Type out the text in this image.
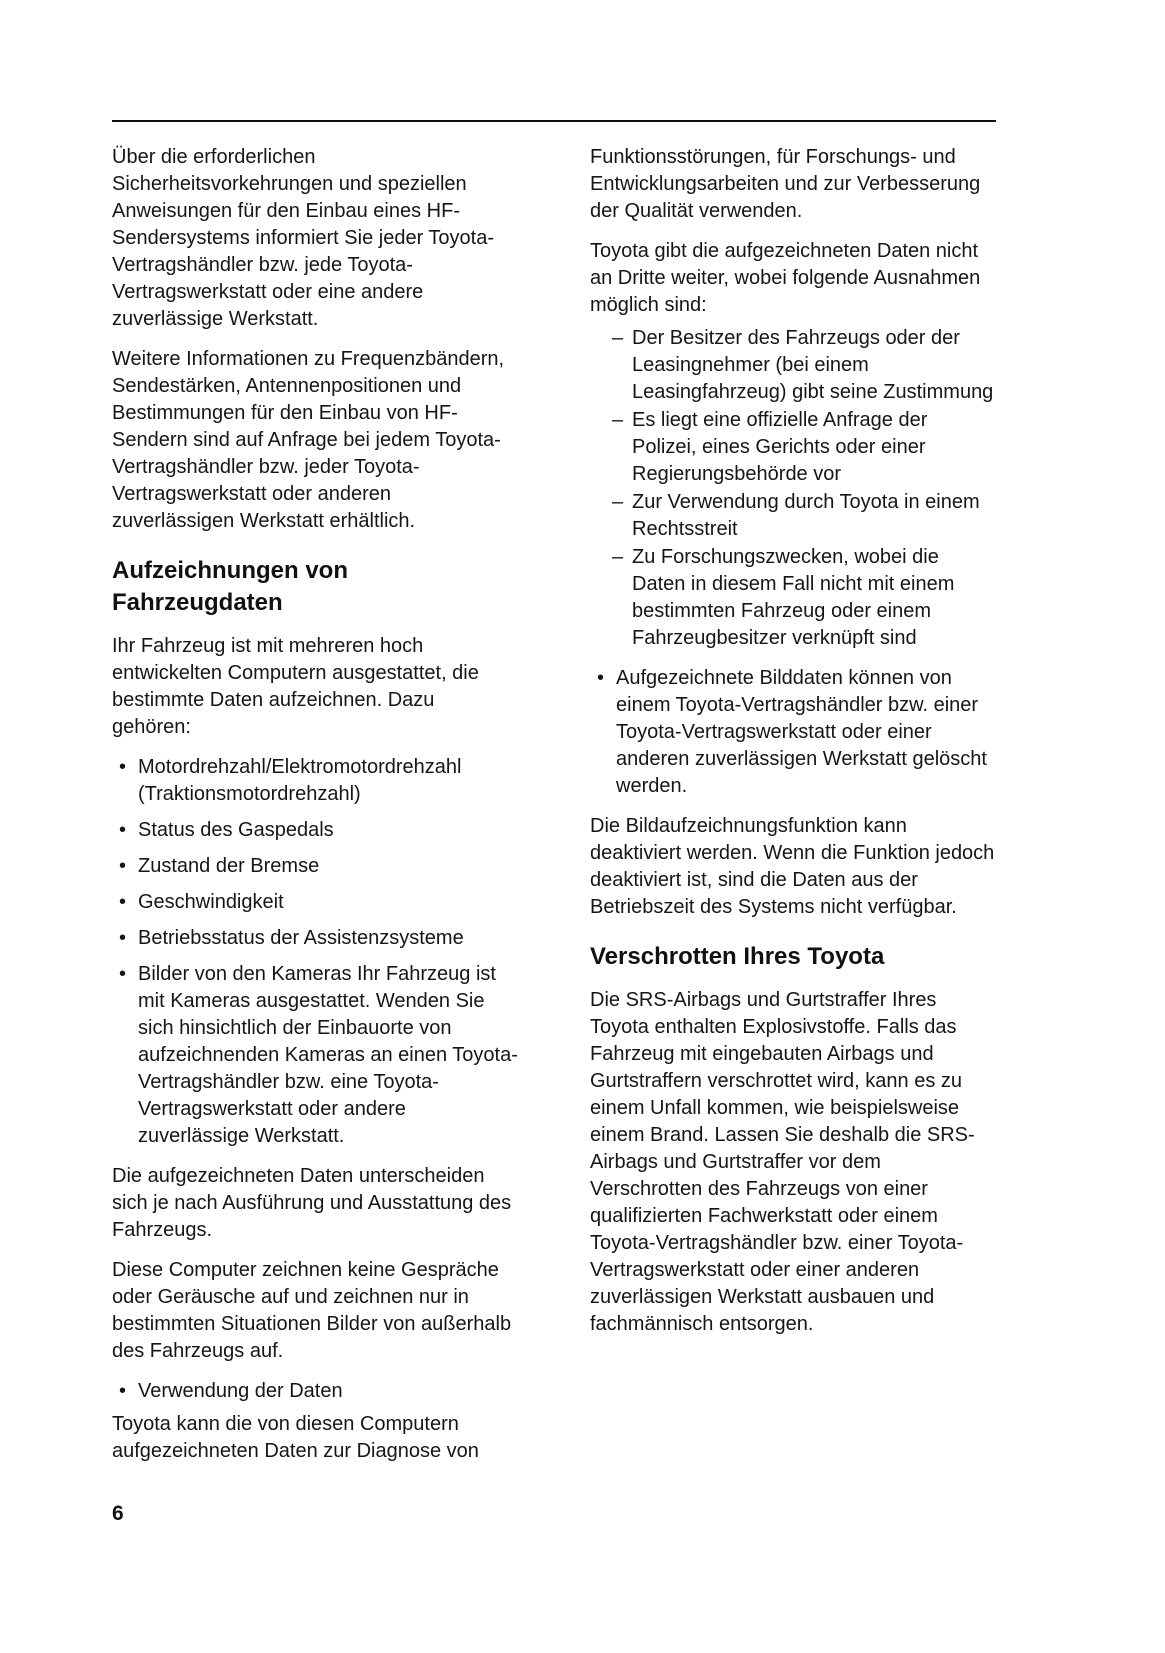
Über die erforderlichen Sicherheitsvorkehrungen und speziellen Anweisungen für den Einbau eines HF-Sendersystems informiert Sie jeder Toyota-Vertragshändler bzw. jede Toyota-Vertragswerkstatt oder eine andere zuverlässige Werkstatt.

Weitere Informationen zu Frequenzbändern, Sendestärken, Antennenpositionen und Bestimmungen für den Einbau von HF-Sendern sind auf Anfrage bei jedem Toyota-Vertragshändler bzw. jeder Toyota-Vertragswerkstatt oder anderen zuverlässigen Werkstatt erhältlich.

Aufzeichnungen von Fahrzeugdaten

Ihr Fahrzeug ist mit mehreren hoch entwickelten Computern ausgestattet, die bestimmte Daten aufzeichnen. Dazu gehören:

• Motordrehzahl/Elektromotordrehzahl (Traktionsmotordrehzahl)
• Status des Gaspedals
• Zustand der Bremse
• Geschwindigkeit
• Betriebsstatus der Assistenzsysteme
• Bilder von den Kameras Ihr Fahrzeug ist mit Kameras ausgestattet. Wenden Sie sich hinsichtlich der Einbauorte von aufzeichnenden Kameras an einen Toyota-Vertragshändler bzw. eine Toyota-Vertragswerkstatt oder andere zuverlässige Werkstatt.

Die aufgezeichneten Daten unterscheiden sich je nach Ausführung und Ausstattung des Fahrzeugs.

Diese Computer zeichnen keine Gespräche oder Geräusche auf und zeichnen nur in bestimmten Situationen Bilder von außerhalb des Fahrzeugs auf.

• Verwendung der Daten

Toyota kann die von diesen Computern aufgezeichneten Daten zur Diagnose von

Funktionsstörungen, für Forschungs- und Entwicklungsarbeiten und zur Verbesserung der Qualität verwenden.

Toyota gibt die aufgezeichneten Daten nicht an Dritte weiter, wobei folgende Ausnahmen möglich sind:

– Der Besitzer des Fahrzeugs oder der Leasingnehmer (bei einem Leasingfahrzeug) gibt seine Zustimmung
– Es liegt eine offizielle Anfrage der Polizei, eines Gerichts oder einer Regierungsbehörde vor
– Zur Verwendung durch Toyota in einem Rechtsstreit
– Zu Forschungszwecken, wobei die Daten in diesem Fall nicht mit einem bestimmten Fahrzeug oder einem Fahrzeugbesitzer verknüpft sind
• Aufgezeichnete Bilddaten können von einem Toyota-Vertragshändler bzw. einer Toyota-Vertragswerkstatt oder einer anderen zuverlässigen Werkstatt gelöscht werden.

Die Bildaufzeichnungsfunktion kann deaktiviert werden. Wenn die Funktion jedoch deaktiviert ist, sind die Daten aus der Betriebszeit des Systems nicht verfügbar.

Verschrotten Ihres Toyota

Die SRS-Airbags und Gurtstraffer Ihres Toyota enthalten Explosivstoffe. Falls das Fahrzeug mit eingebauten Airbags und Gurtstraffern verschrottet wird, kann es zu einem Unfall kommen, wie beispielsweise einem Brand. Lassen Sie deshalb die SRS-Airbags und Gurtstraffer vor dem Verschrotten des Fahrzeugs von einer qualifizierten Fachwerkstatt oder einem Toyota-Vertragshändler bzw. einer Toyota-Vertragswerkstatt oder einer anderen zuverlässigen Werkstatt ausbauen und fachmännisch entsorgen.

6
